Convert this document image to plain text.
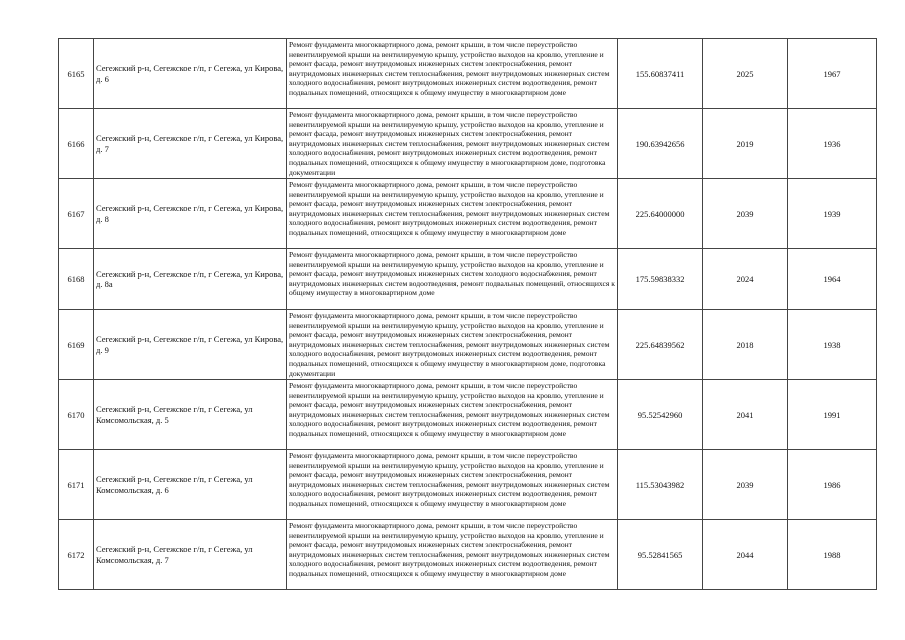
6165	Сегежский р-н, Сегежское г/п, г Сегежа, ул Кирова, д. 6	Ремонт фундамента многоквартирного дома, ремонт крыши, в том числе переустройство невентилируемой крыши на вентилируемую крышу, устройство выходов на кровлю, утепление и ремонт фасада, ремонт внутридомовых инженерных систем электроснабжения, ремонт внутридомовых инженерных систем теплоснабжения, ремонт внутридомовых инженерных систем холодного водоснабжения, ремонт внутридомовых инженерных систем водоотведения, ремонт подвальных помещений, относящихся к общему имуществу в многоквартирном доме	155.60837411	2025	1967
6166	Сегежский р-н, Сегежское г/п, г Сегежа, ул Кирова, д. 7	Ремонт фундамента многоквартирного дома, ремонт крыши, в том числе переустройство невентилируемой крыши на вентилируемую крышу, устройство выходов на кровлю, утепление и ремонт фасада, ремонт внутридомовых инженерных систем электроснабжения, ремонт внутридомовых инженерных систем теплоснабжения, ремонт внутридомовых инженерных систем холодного водоснабжения, ремонт внутридомовых инженерных систем водоотведения, ремонт подвальных помещений, относящихся к общему имуществу в многоквартирном доме, подготовка документации	190.63942656	2019	1936
6167	Сегежский р-н, Сегежское г/п, г Сегежа, ул Кирова, д. 8	Ремонт фундамента многоквартирного дома, ремонт крыши, в том числе переустройство невентилируемой крыши на вентилируемую крышу, устройство выходов на кровлю, утепление и ремонт фасада, ремонт внутридомовых инженерных систем электроснабжения, ремонт внутридомовых инженерных систем теплоснабжения, ремонт внутридомовых инженерных систем холодного водоснабжения, ремонт внутридомовых инженерных систем водоотведения, ремонт подвальных помещений, относящихся к общему имуществу в многоквартирном доме	225.64000000	2039	1939
6168	Сегежский р-н, Сегежское г/п, г Сегежа, ул Кирова, д. 8а	Ремонт фундамента многоквартирного дома, ремонт крыши, в том числе переустройство невентилируемой крыши на вентилируемую крышу, устройство выходов на кровлю, утепление и ремонт фасада, ремонт внутридомовых инженерных систем холодного водоснабжения, ремонт внутридомовых инженерных систем водоотведения, ремонт подвальных помещений, относящихся к общему имуществу в многоквартирном доме	175.59838332	2024	1964
6169	Сегежский р-н, Сегежское г/п, г Сегежа, ул Кирова, д. 9	Ремонт фундамента многоквартирного дома, ремонт крыши, в том числе переустройство невентилируемой крыши на вентилируемую крышу, устройство выходов на кровлю, утепление и ремонт фасада, ремонт внутридомовых инженерных систем электроснабжения, ремонт внутридомовых инженерных систем теплоснабжения, ремонт внутридомовых инженерных систем холодного водоснабжения, ремонт внутридомовых инженерных систем водоотведения, ремонт подвальных помещений, относящихся к общему имуществу в многоквартирном доме, подготовка документации	225.64839562	2018	1938
6170	Сегежский р-н, Сегежское г/п, г Сегежа, ул Комсомольская, д. 5	Ремонт фундамента многоквартирного дома, ремонт крыши, в том числе переустройство невентилируемой крыши на вентилируемую крышу, устройство выходов на кровлю, утепление и ремонт фасада, ремонт внутридомовых инженерных систем электроснабжения, ремонт внутридомовых инженерных систем теплоснабжения, ремонт внутридомовых инженерных систем холодного водоснабжения, ремонт внутридомовых инженерных систем водоотведения, ремонт подвальных помещений, относящихся к общему имуществу в многоквартирном доме	95.52542960	2041	1991
6171	Сегежский р-н, Сегежское г/п, г Сегежа, ул Комсомольская, д. 6	Ремонт фундамента многоквартирного дома, ремонт крыши, в том числе переустройство невентилируемой крыши на вентилируемую крышу, устройство выходов на кровлю, утепление и ремонт фасада, ремонт внутридомовых инженерных систем электроснабжения, ремонт внутридомовых инженерных систем теплоснабжения, ремонт внутридомовых инженерных систем холодного водоснабжения, ремонт внутридомовых инженерных систем водоотведения, ремонт подвальных помещений, относящихся к общему имуществу в многоквартирном доме	115.53043982	2039	1986
6172	Сегежский р-н, Сегежское г/п, г Сегежа, ул Комсомольская, д. 7	Ремонт фундамента многоквартирного дома, ремонт крыши, в том числе переустройство невентилируемой крыши на вентилируемую крышу, устройство выходов на кровлю, утепление и ремонт фасада, ремонт внутридомовых инженерных систем электроснабжения, ремонт внутридомовых инженерных систем теплоснабжения, ремонт внутридомовых инженерных систем холодного водоснабжения, ремонт внутридомовых инженерных систем водоотведения, ремонт подвальных помещений, относящихся к общему имуществу в многоквартирном доме	95.52841565	2044	1988
